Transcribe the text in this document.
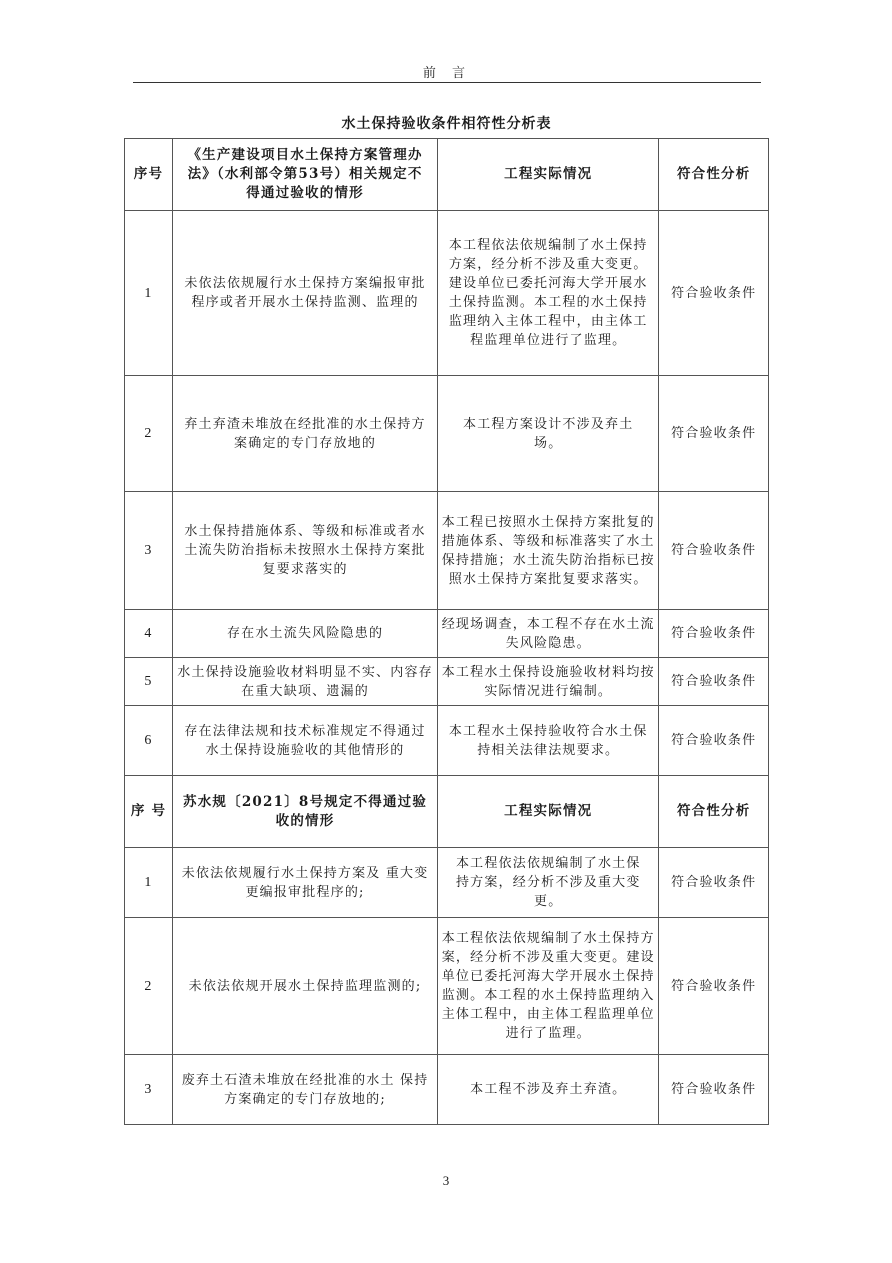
前 言
水土保持验收条件相符性分析表
序号	《生产建设项目水土保持方案管理办法》（水利部令第53号）相关规定不得通过验收的情形	工程实际情况	符合性分析
1	未依法依规履行水土保持方案编报审批程序或者开展水土保持监测、监理的	本工程依法依规编制了水土保持方案，经分析不涉及重大变更。建设单位已委托河海大学开展水土保持监测。本工程的水土保持监理纳入主体工程中，由主体工程监理单位进行了监理。	符合验收条件
2	弃土弃渣未堆放在经批准的水土保持方案确定的专门存放地的	本工程方案设计不涉及弃土场。	符合验收条件
3	水土保持措施体系、等级和标准或者水土流失防治指标未按照水土保持方案批复要求落实的	本工程已按照水土保持方案批复的措施体系、等级和标准落实了水土保持措施；水土流失防治指标已按照水土保持方案批复要求落实。	符合验收条件
4	存在水土流失风险隐患的	经现场调查，本工程不存在水土流失风险隐患。	符合验收条件
5	水土保持设施验收材料明显不实、内容存在重大缺项、遗漏的	本工程水土保持设施验收材料均按实际情况进行编制。	符合验收条件
6	存在法律法规和技术标准规定不得通过水土保持设施验收的其他情形的	本工程水土保持验收符合水土保持相关法律法规要求。	符合验收条件
序 号	苏水规〔2021〕8号规定不得通过验收的情形	工程实际情况	符合性分析
1	未依法依规履行水土保持方案及 重大变更编报审批程序的;	本工程依法依规编制了水土保持方案，经分析不涉及重大变更。	符合验收条件
2	未依法依规开展水土保持监理监测的;	本工程依法依规编制了水土保持方案，经分析不涉及重大变更。建设单位已委托河海大学开展水土保持监测。本工程的水土保持监理纳入主体工程中，由主体工程监理单位进行了监理。	符合验收条件
3	废弃土石渣未堆放在经批准的水土 保持方案确定的专门存放地的;	本工程不涉及弃土弃渣。	符合验收条件
3
